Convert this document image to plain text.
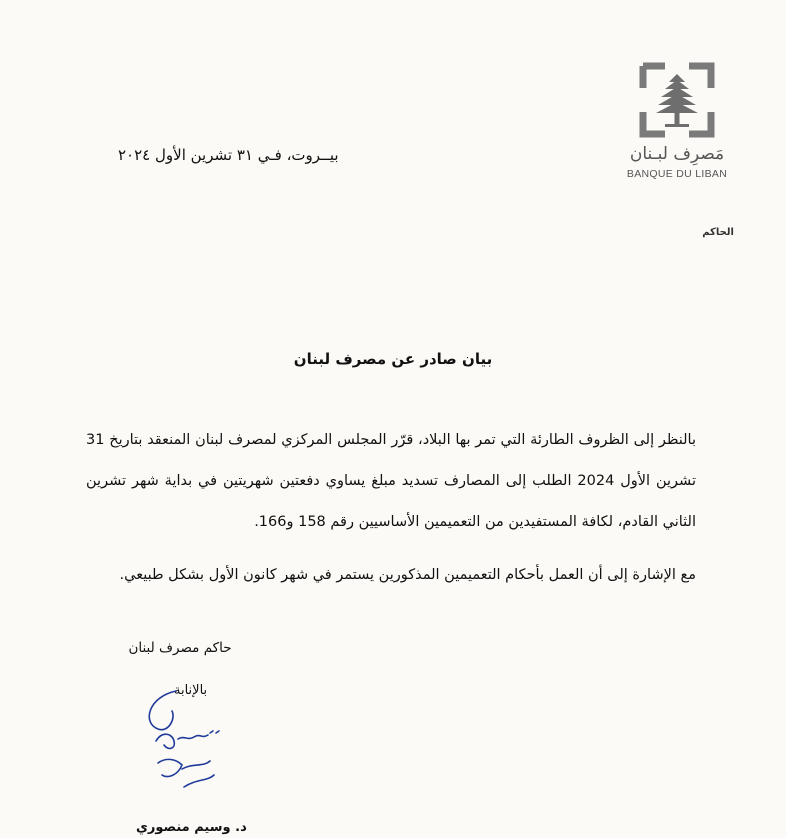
مَصرِف لبـنان
BANQUE DU LIBAN
الحاكم
بيــروت، فـي ٣١ تشرين الأول ٢٠٢٤
بيان صادر عن مصرف لبنان
بالنظر إلى الظروف الطارئة التي تمر بها البلاد، قرّر المجلس المركزي لمصرف لبنان المنعقد بتاريخ 31 تشرين الأول 2024 الطلب إلى المصارف تسديد مبلغ يساوي دفعتين شهريتين في بداية شهر تشرين الثاني القادم، لكافة المستفيدين من التعميمين الأساسيين رقم 158 و166.
مع الإشارة إلى أن العمل بأحكام التعميمين المذكورين يستمر في شهر كانون الأول بشكل طبيعي.
حاكم مصرف لبنان
بالإنابة
د. وسيم منصوري
